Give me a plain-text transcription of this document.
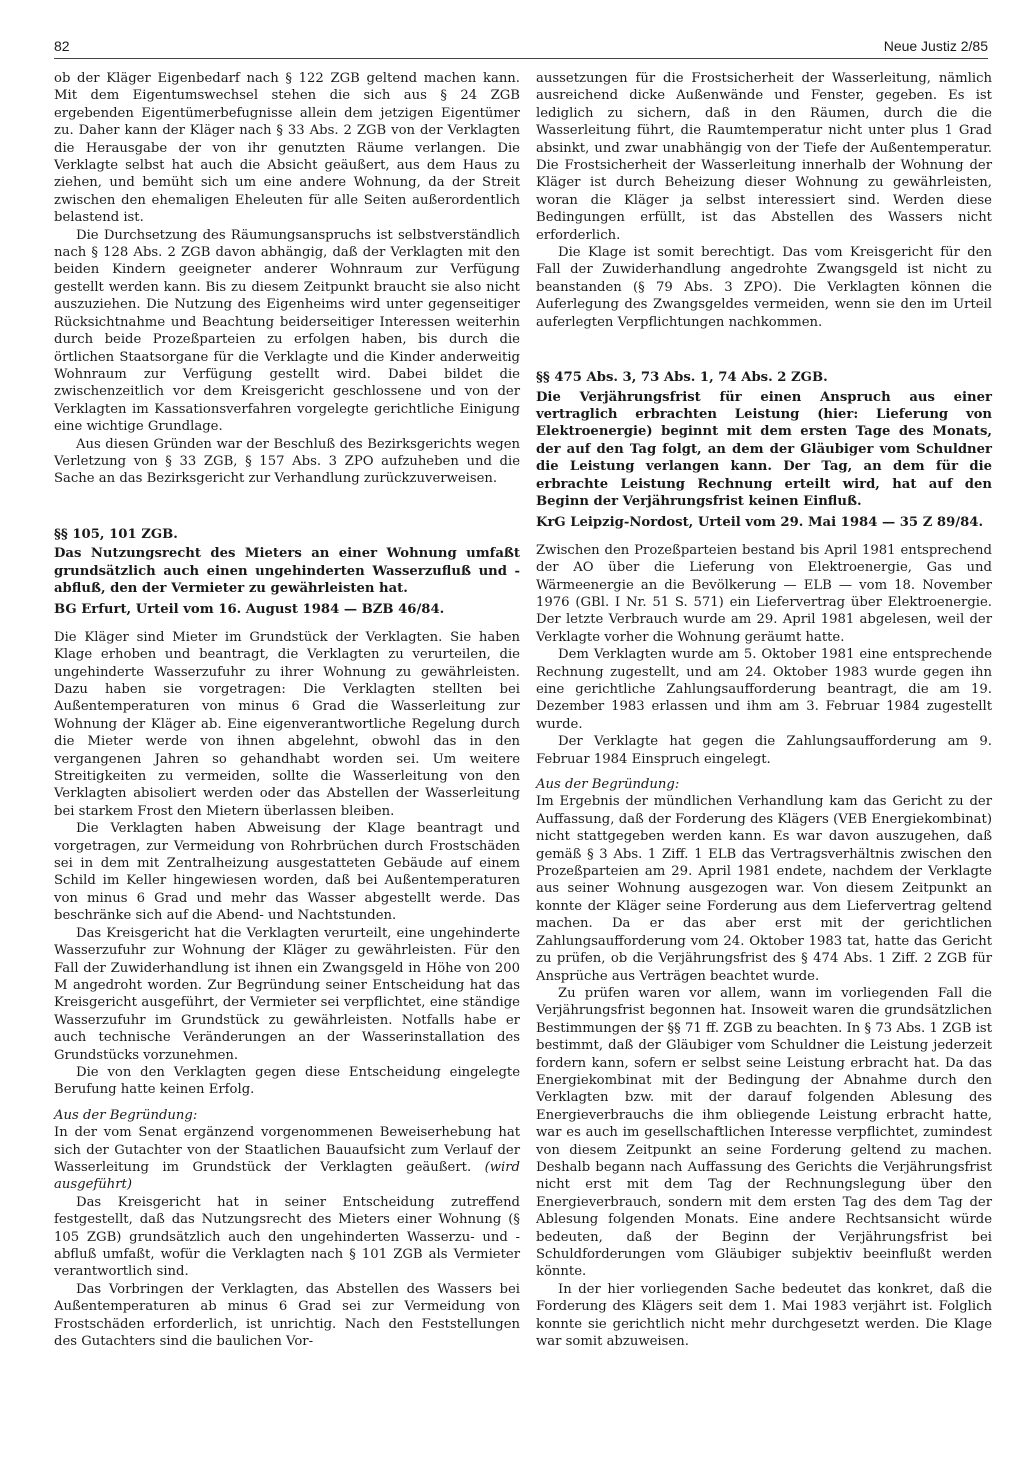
82	Neue Justiz 2/85

ob der Kläger Eigenbedarf nach § 122 ZGB geltend machen kann. Mit dem Eigentumswechsel stehen die sich aus § 24 ZGB ergebenden Eigentümerbefugnisse allein dem jetzigen Eigentümer zu. Daher kann der Kläger nach § 33 Abs. 2 ZGB von der Verklagten die Herausgabe der von ihr genutzten Räume verlangen. Die Verklagte selbst hat auch die Absicht geäußert, aus dem Haus zu ziehen, und bemüht sich um eine andere Wohnung, da der Streit zwischen den ehemaligen Eheleuten für alle Seiten außerordentlich belastend ist.

Die Durchsetzung des Räumungsanspruchs ist selbstverständlich nach § 128 Abs. 2 ZGB davon abhängig, daß der Verklagten mit den beiden Kindern geeigneter anderer Wohnraum zur Verfügung gestellt werden kann. Bis zu diesem Zeitpunkt braucht sie also nicht auszuziehen. Die Nutzung des Eigenheims wird unter gegenseitiger Rücksichtnahme und Beachtung beiderseitiger Interessen weiterhin durch beide Prozeßparteien zu erfolgen haben, bis durch die örtlichen Staatsorgane für die Verklagte und die Kinder anderweitig Wohnraum zur Verfügung gestellt wird. Dabei bildet die zwischenzeitlich vor dem Kreisgericht geschlossene und von der Verklagten im Kassationsverfahren vorgelegte gerichtliche Einigung eine wichtige Grundlage.

Aus diesen Gründen war der Beschluß des Bezirksgerichts wegen Verletzung von § 33 ZGB, § 157 Abs. 3 ZPO aufzuheben und die Sache an das Bezirksgericht zur Verhandlung zurückzuverweisen.

§§ 105, 101 ZGB.

Das Nutzungsrecht des Mieters an einer Wohnung umfaßt grundsätzlich auch einen ungehinderten Wasserzufluß und -abfluß, den der Vermieter zu gewährleisten hat.

BG Erfurt, Urteil vom 16. August 1984 — BZB 46/84.

Die Kläger sind Mieter im Grundstück der Verklagten. Sie haben Klage erhoben und beantragt, die Verklagten zu verurteilen, die ungehinderte Wasserzufuhr zu ihrer Wohnung zu gewährleisten. Dazu haben sie vorgetragen: Die Verklagten stellten bei Außentemperaturen von minus 6 Grad die Wasserleitung zur Wohnung der Kläger ab. Eine eigenverantwortliche Regelung durch die Mieter werde von ihnen abgelehnt, obwohl das in den vergangenen Jahren so gehandhabt worden sei. Um weitere Streitigkeiten zu vermeiden, sollte die Wasserleitung von den Verklagten abisoliert werden oder das Abstellen der Wasserleitung bei starkem Frost den Mietern überlassen bleiben.

Die Verklagten haben Abweisung der Klage beantragt und vorgetragen, zur Vermeidung von Rohrbrüchen durch Frostschäden sei in dem mit Zentralheizung ausgestatteten Gebäude auf einem Schild im Keller hingewiesen worden, daß bei Außentemperaturen von minus 6 Grad und mehr das Wasser abgestellt werde. Das beschränke sich auf die Abend- und Nachtstunden.

Das Kreisgericht hat die Verklagten verurteilt, eine ungehinderte Wasserzufuhr zur Wohnung der Kläger zu gewährleisten. Für den Fall der Zuwiderhandlung ist ihnen ein Zwangsgeld in Höhe von 200 M angedroht worden. Zur Begründung seiner Entscheidung hat das Kreisgericht ausgeführt, der Vermieter sei verpflichtet, eine ständige Wasserzufuhr im Grundstück zu gewährleisten. Notfalls habe er auch technische Veränderungen an der Wasserinstallation des Grundstücks vorzunehmen.

Die von den Verklagten gegen diese Entscheidung eingelegte Berufung hatte keinen Erfolg.

Aus der Begründung:

In der vom Senat ergänzend vorgenommenen Beweiserhebung hat sich der Gutachter von der Staatlichen Bauaufsicht zum Verlauf der Wasserleitung im Grundstück der Verklagten geäußert. (wird ausgeführt)

Das Kreisgericht hat in seiner Entscheidung zutreffend festgestellt, daß das Nutzungsrecht des Mieters einer Wohnung (§ 105 ZGB) grundsätzlich auch den ungehinderten Wasserzu- und -abfluß umfaßt, wofür die Verklagten nach § 101 ZGB als Vermieter verantwortlich sind.

Das Vorbringen der Verklagten, das Abstellen des Wassers bei Außentemperaturen ab minus 6 Grad sei zur Vermeidung von Frostschäden erforderlich, ist unrichtig. Nach den Feststellungen des Gutachters sind die baulichen Vor-

aussetzungen für die Frostsicherheit der Wasserleitung, nämlich ausreichend dicke Außenwände und Fenster, gegeben. Es ist lediglich zu sichern, daß in den Räumen, durch die die Wasserleitung führt, die Raumtemperatur nicht unter plus 1 Grad absinkt, und zwar unabhängig von der Tiefe der Außentemperatur. Die Frostsicherheit der Wasserleitung innerhalb der Wohnung der Kläger ist durch Beheizung dieser Wohnung zu gewährleisten, woran die Kläger ja selbst interessiert sind. Werden diese Bedingungen erfüllt, ist das Abstellen des Wassers nicht erforderlich.

Die Klage ist somit berechtigt. Das vom Kreisgericht für den Fall der Zuwiderhandlung angedrohte Zwangsgeld ist nicht zu beanstanden (§ 79 Abs. 3 ZPO). Die Verklagten können die Auferlegung des Zwangsgeldes vermeiden, wenn sie den im Urteil auferlegten Verpflichtungen nachkommen.

§§ 475 Abs. 3, 73 Abs. 1, 74 Abs. 2 ZGB.

Die Verjährungsfrist für einen Anspruch aus einer vertraglich erbrachten Leistung (hier: Lieferung von Elektroenergie) beginnt mit dem ersten Tage des Monats, der auf den Tag folgt, an dem der Gläubiger vom Schuldner die Leistung verlangen kann. Der Tag, an dem für die erbrachte Leistung Rechnung erteilt wird, hat auf den Beginn der Verjährungsfrist keinen Einfluß.

KrG Leipzig-Nordost, Urteil vom 29. Mai 1984 — 35 Z 89/84.

Zwischen den Prozeßparteien bestand bis April 1981 entsprechend der AO über die Lieferung von Elektroenergie, Gas und Wärmeenergie an die Bevölkerung — ELB — vom 18. November 1976 (GBl. I Nr. 51 S. 571) ein Liefervertrag über Elektroenergie. Der letzte Verbrauch wurde am 29. April 1981 abgelesen, weil der Verklagte vorher die Wohnung geräumt hatte.

Dem Verklagten wurde am 5. Oktober 1981 eine entsprechende Rechnung zugestellt, und am 24. Oktober 1983 wurde gegen ihn eine gerichtliche Zahlungsaufforderung beantragt, die am 19. Dezember 1983 erlassen und ihm am 3. Februar 1984 zugestellt wurde.

Der Verklagte hat gegen die Zahlungsaufforderung am 9. Februar 1984 Einspruch eingelegt.

Aus der Begründung:

Im Ergebnis der mündlichen Verhandlung kam das Gericht zu der Auffassung, daß der Forderung des Klägers (VEB Energiekombinat) nicht stattgegeben werden kann. Es war davon auszugehen, daß gemäß § 3 Abs. 1 Ziff. 1 ELB das Vertragsverhältnis zwischen den Prozeßparteien am 29. April 1981 endete, nachdem der Verklagte aus seiner Wohnung ausgezogen war. Von diesem Zeitpunkt an konnte der Kläger seine Forderung aus dem Liefervertrag geltend machen. Da er das aber erst mit der gerichtlichen Zahlungsaufforderung vom 24. Oktober 1983 tat, hatte das Gericht zu prüfen, ob die Verjährungsfrist des § 474 Abs. 1 Ziff. 2 ZGB für Ansprüche aus Verträgen beachtet wurde.

Zu prüfen waren vor allem, wann im vorliegenden Fall die Verjährungsfrist begonnen hat. Insoweit waren die grundsätzlichen Bestimmungen der §§ 71 ff. ZGB zu beachten. In § 73 Abs. 1 ZGB ist bestimmt, daß der Gläubiger vom Schuldner die Leistung jederzeit fordern kann, sofern er selbst seine Leistung erbracht hat. Da das Energiekombinat mit der Bedingung der Abnahme durch den Verklagten bzw. mit der darauf folgenden Ablesung des Energieverbrauchs die ihm obliegende Leistung erbracht hatte, war es auch im gesellschaftlichen Interesse verpflichtet, zumindest von diesem Zeitpunkt an seine Forderung geltend zu machen. Deshalb begann nach Auffassung des Gerichts die Verjährungsfrist nicht erst mit dem Tag der Rechnungslegung über den Energieverbrauch, sondern mit dem ersten Tag des dem Tag der Ablesung folgenden Monats. Eine andere Rechtsansicht würde bedeuten, daß der Beginn der Verjährungsfrist bei Schuldforderungen vom Gläubiger subjektiv beeinflußt werden könnte.

In der hier vorliegenden Sache bedeutet das konkret, daß die Forderung des Klägers seit dem 1. Mai 1983 verjährt ist. Folglich konnte sie gerichtlich nicht mehr durchgesetzt werden. Die Klage war somit abzuweisen.
